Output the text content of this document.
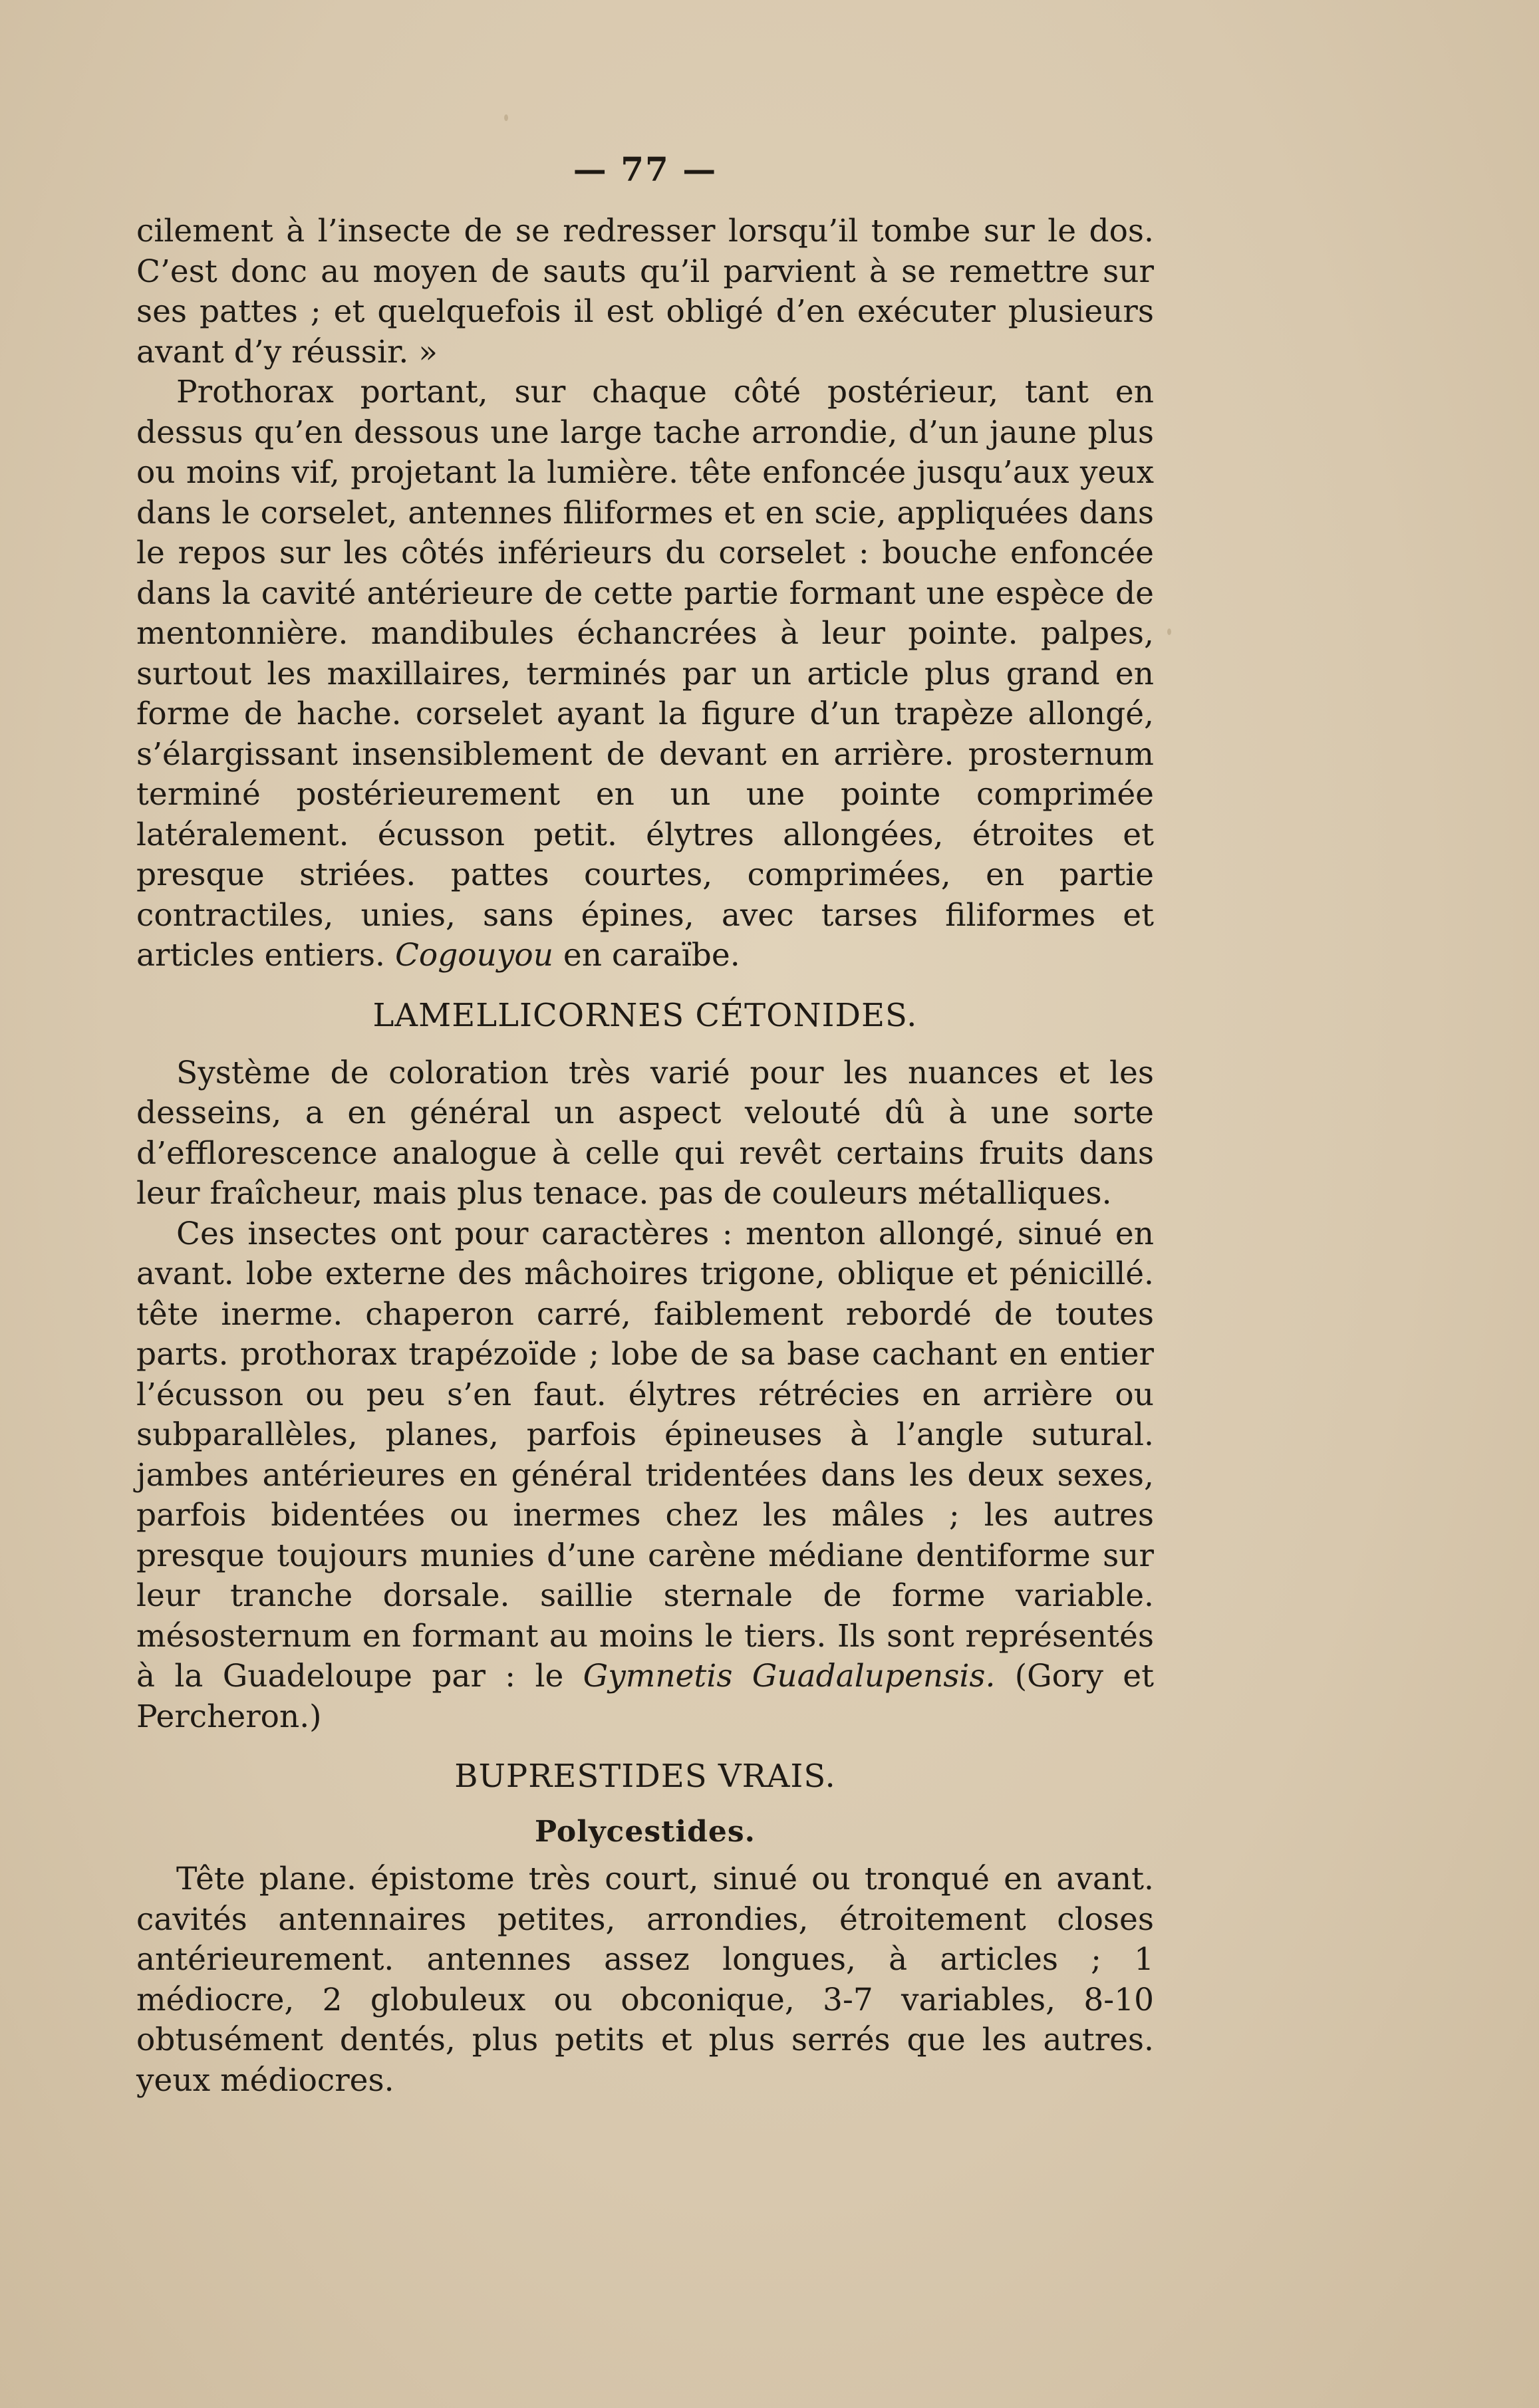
— 77 —

cilement à l’insecte de se redresser lorsqu’il tombe sur le dos. C’est donc au moyen de sauts qu’il parvient à se remettre sur ses pattes ; et quelquefois il est obligé d’en exécuter plusieurs avant d’y réussir. »

Prothorax portant, sur chaque côté postérieur, tant en dessus qu’en dessous une large tache arrondie, d’un jaune plus ou moins vif, projetant la lumière. tête enfoncée jusqu’aux yeux dans le corselet, antennes filiformes et en scie, appliquées dans le repos sur les côtés inférieurs du corselet : bouche enfoncée dans la cavité antérieure de cette partie formant une espèce de mentonnière. mandibules échancrées à leur pointe. palpes, surtout les maxillaires, terminés par un article plus grand en forme de hache. corselet ayant la figure d’un trapèze allongé, s’élargissant insensiblement de devant en arrière. prosternum terminé postérieurement en un une pointe comprimée latéralement. écusson petit. élytres allongées, étroites et presque striées. pattes courtes, comprimées, en partie contractiles, unies, sans épines, avec tarses filiformes et articles entiers. Cogouyou en caraïbe.

LAMELLICORNES CÉTONIDES.

Système de coloration très varié pour les nuances et les desseins, a en général un aspect velouté dû à une sorte d’efflorescence analogue à celle qui revêt certains fruits dans leur fraîcheur, mais plus tenace. pas de couleurs métalliques.

Ces insectes ont pour caractères : menton allongé, sinué en avant. lobe externe des mâchoires trigone, oblique et pénicillé. tête inerme. chaperon carré, faiblement rebordé de toutes parts. prothorax trapézoïde ; lobe de sa base cachant en entier l’écusson ou peu s’en faut. élytres rétrécies en arrière ou subparallèles, planes, parfois épineuses à l’angle sutural. jambes antérieures en général tridentées dans les deux sexes, parfois bidentées ou inermes chez les mâles ; les autres presque toujours munies d’une carène médiane dentiforme sur leur tranche dorsale. saillie sternale de forme variable. mésosternum en formant au moins le tiers. Ils sont représentés à la Guadeloupe par : le Gymnetis Guadalupensis. (Gory et Percheron.)

BUPRESTIDES VRAIS.
Polycestides.

Tête plane. épistome très court, sinué ou tronqué en avant. cavités antennaires petites, arrondies, étroitement closes antérieurement. antennes assez longues, à articles ; 1 médiocre, 2 globuleux ou obconique, 3-7 variables, 8-10 obtusément dentés, plus petits et plus serrés que les autres. yeux médiocres.
